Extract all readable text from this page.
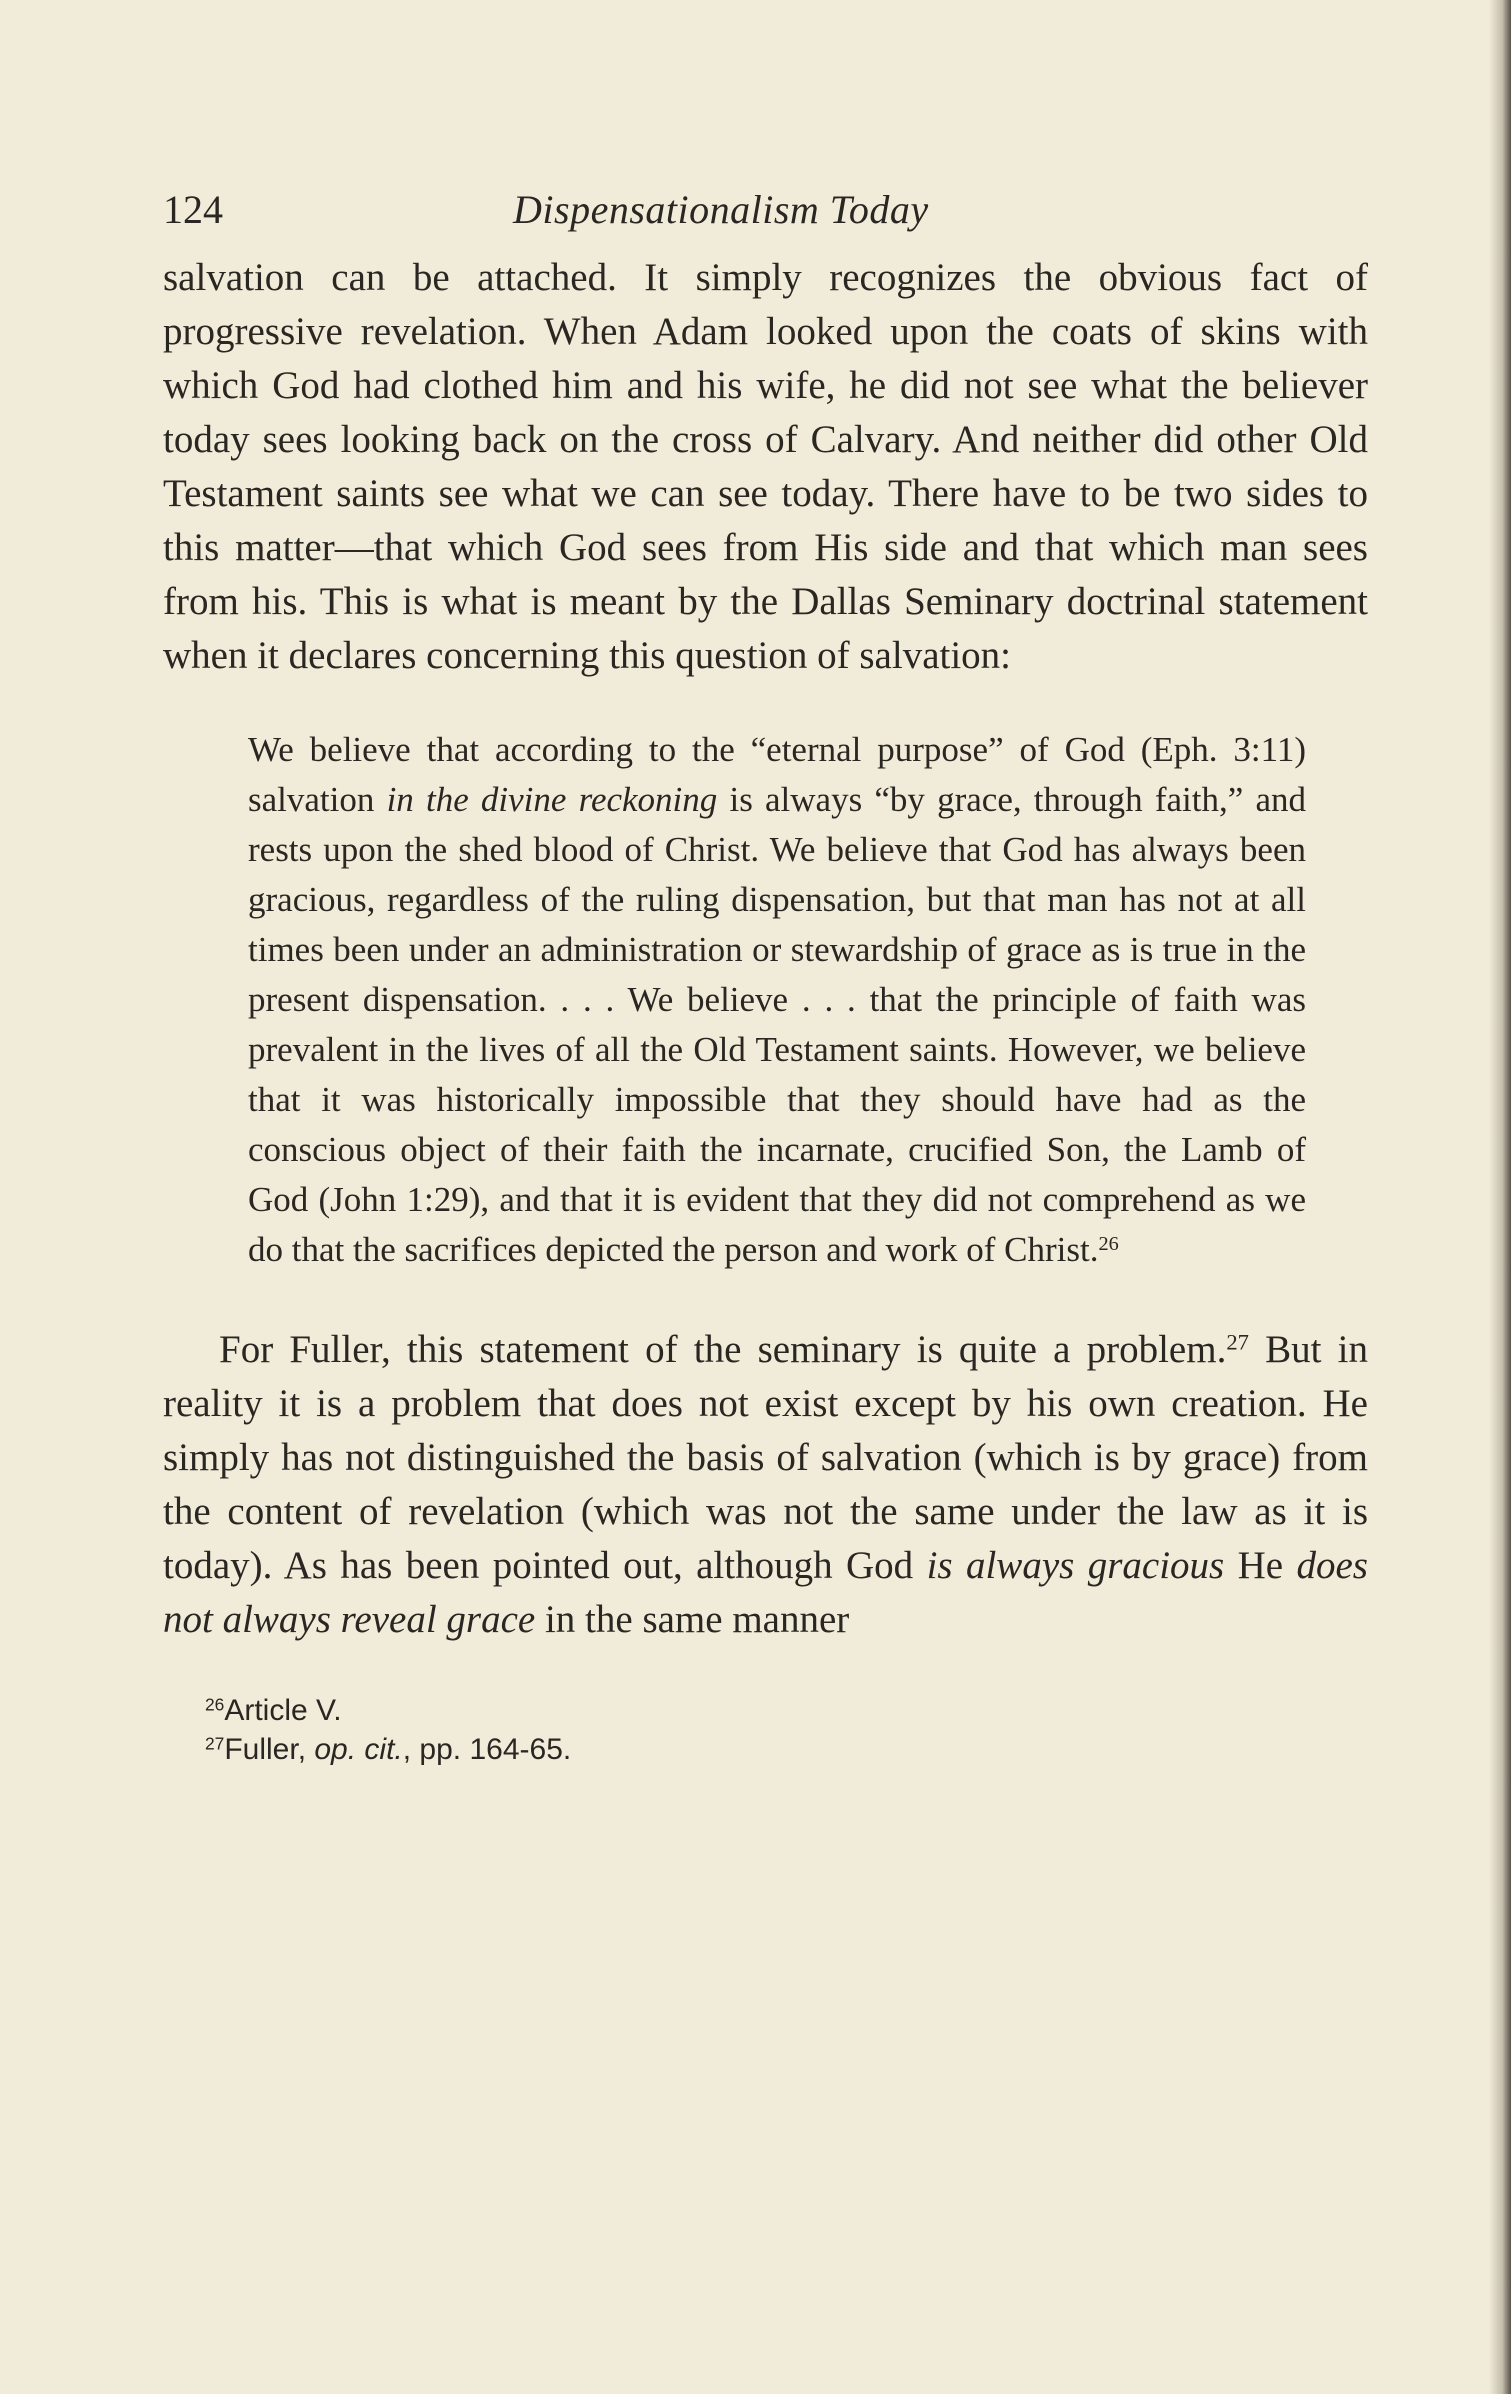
124	Dispensationalism Today

salvation can be attached. It simply recognizes the obvious fact of progressive revelation. When Adam looked upon the coats of skins with which God had clothed him and his wife, he did not see what the believer today sees looking back on the cross of Calvary. And neither did other Old Testament saints see what we can see today. There have to be two sides to this matter—that which God sees from His side and that which man sees from his. This is what is meant by the Dallas Seminary doctrinal statement when it declares concerning this question of salvation:

We believe that according to the “eternal purpose” of God (Eph. 3:11) salvation in the divine reckoning is always “by grace, through faith,” and rests upon the shed blood of Christ. We believe that God has always been gracious, regardless of the ruling dispensation, but that man has not at all times been under an administration or stewardship of grace as is true in the present dispensation. . . . We believe . . . that the principle of faith was prevalent in the lives of all the Old Testament saints. However, we believe that it was historically impossible that they should have had as the conscious object of their faith the incarnate, crucified Son, the Lamb of God (John 1:29), and that it is evident that they did not comprehend as we do that the sacrifices depicted the person and work of Christ.$^{26}$

For Fuller, this statement of the seminary is quite a problem.$^{27}$ But in reality it is a problem that does not exist except by his own creation. He simply has not distinguished the basis of salvation (which is by grace) from the content of revelation (which was not the same under the law as it is today). As has been pointed out, although God is always gracious He does not always reveal grace in the same manner

$^{26}$Article V.
$^{27}$Fuller, op. cit., pp. 164-65.
